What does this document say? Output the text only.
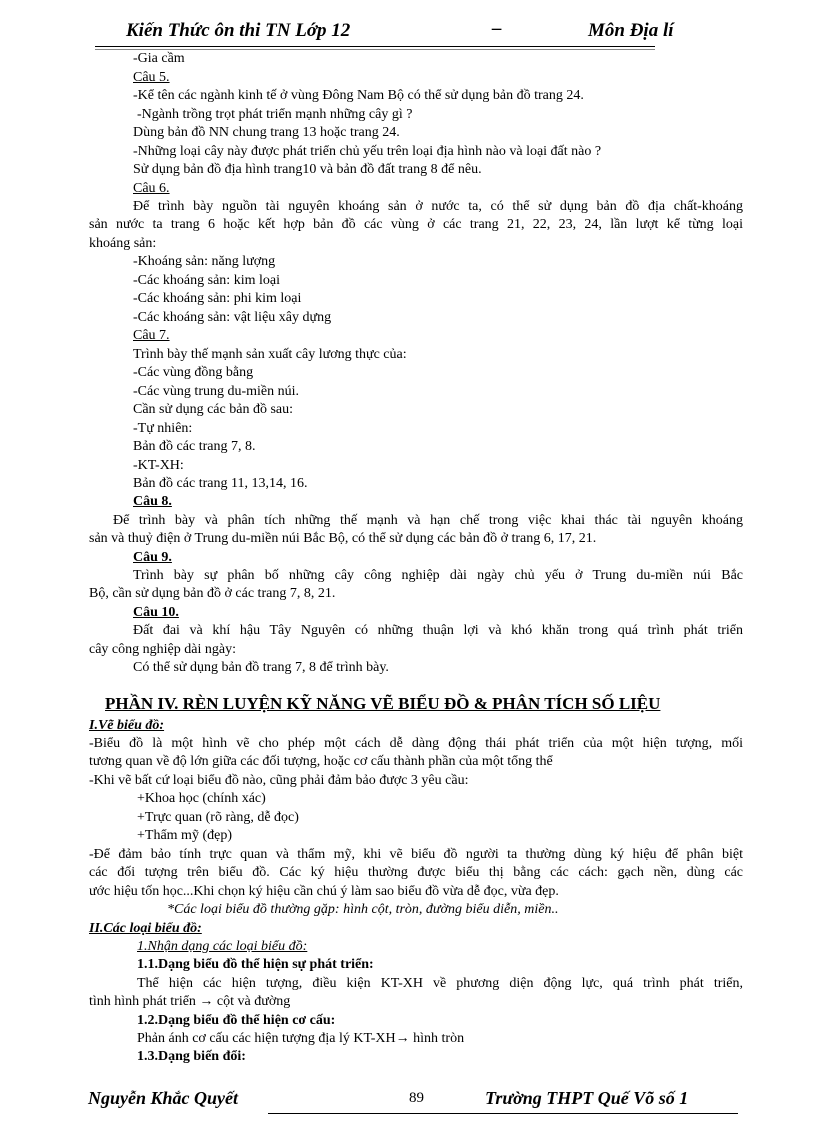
Kiến Thức ôn thi TN Lớp 12	–	Môn Địa lí
-Gia cầm
Câu 5.
-Kể tên các ngành kinh tế ở vùng Đông Nam Bộ có thể sử dụng bản đồ trang 24.
-Ngành trồng trọt phát triển mạnh những cây gì ?
Dùng bản đồ NN chung trang 13 hoặc trang 24.
-Những loại cây này được phát triển chủ yếu trên loại địa hình nào và loại đất nào ?
Sử dụng bản đồ địa hình trang10 và bản đồ đất trang 8 để nêu.
Câu 6.
Để trình bày nguồn tài nguyên khoáng sản ở nước ta, có thể sử dụng bản đồ địa chất-khoáng
sản nước ta trang 6 hoặc kết hợp bản đồ các vùng ở các trang 21, 22, 23, 24, lần lượt kể từng loại
khoáng sản:
-Khoáng sản: năng lượng
-Các khoáng sản: kim loại
-Các khoáng sản: phi kim loại
-Các khoáng sản: vật liệu xây dựng
Câu 7.
Trình bày thế mạnh sản xuất cây lương thực của:
-Các vùng đồng bằng
-Các vùng trung du-miền núi.
Cần sử dụng các bản đồ sau:
-Tự nhiên:
Bản đồ các trang 7, 8.
-KT-XH:
Bản đồ các trang 11, 13,14, 16.
Câu 8.
Để trình bày và phân tích những thế mạnh và hạn chế trong việc khai thác tài nguyên khoáng
sản và thuỷ điện ở Trung du-miền núi Bắc Bộ, có thể sử dụng các bản đồ ở trang 6, 17, 21.
Câu 9.
Trình bày sự phân bố những cây công nghiệp dài ngày chủ yếu ở Trung du-miền núi Bắc
Bộ, cần sử dụng bản đồ ở các trang 7, 8, 21.
Câu 10.
Đất đai và khí hậu Tây Nguyên có những thuận lợi và khó khăn trong quá trình phát triển
cây công nghiệp dài ngày:
Có thể sử dụng bản đồ trang 7, 8 để trình bày.
PHẦN IV. RÈN LUYỆN KỸ NĂNG VẼ BIỂU ĐỒ & PHÂN TÍCH SỐ LIỆU
I.Vẽ biểu đồ:
-Biểu đồ là một hình vẽ cho phép một cách dễ dàng động thái phát triển của một hiện tượng, mối
tương quan về độ lớn giữa các đối tượng, hoặc cơ cấu thành phần của một tổng thể
-Khi vẽ bất cứ loại biểu đồ nào, cũng phải đảm bảo được 3 yêu cầu:
+Khoa học (chính xác)
+Trực quan (rõ ràng, dễ đọc)
+Thẩm mỹ (đẹp)
-Để đảm bảo tính trực quan và thẩm mỹ, khi vẽ biểu đồ người ta thường dùng ký hiệu để phân biệt
các đối tượng trên biểu đồ. Các ký hiệu thường được biểu thị bằng các cách: gạch nền, dùng các
ước hiệu tốn học...Khi chọn ký hiệu cần chú ý làm sao biểu đồ vừa dễ đọc, vừa đẹp.
*Các loại biểu đồ thường gặp: hình cột, tròn, đường biểu diễn, miền..
II.Các loại biểu đồ:
1.Nhận dạng các loại biểu đồ:
1.1.Dạng biểu đồ thể hiện sự phát triển:
Thể hiện các hiện tượng, điều kiện KT-XH về phương diện động lực, quá trình phát triển,
tình hình phát triển → cột và đường
1.2.Dạng biểu đồ thể hiện cơ cấu:
Phản ánh cơ cấu các hiện tượng địa lý KT-XH→ hình tròn
1.3.Dạng biến đổi:
Nguyễn Khắc Quyết	89	Trường THPT Quế Võ số 1
